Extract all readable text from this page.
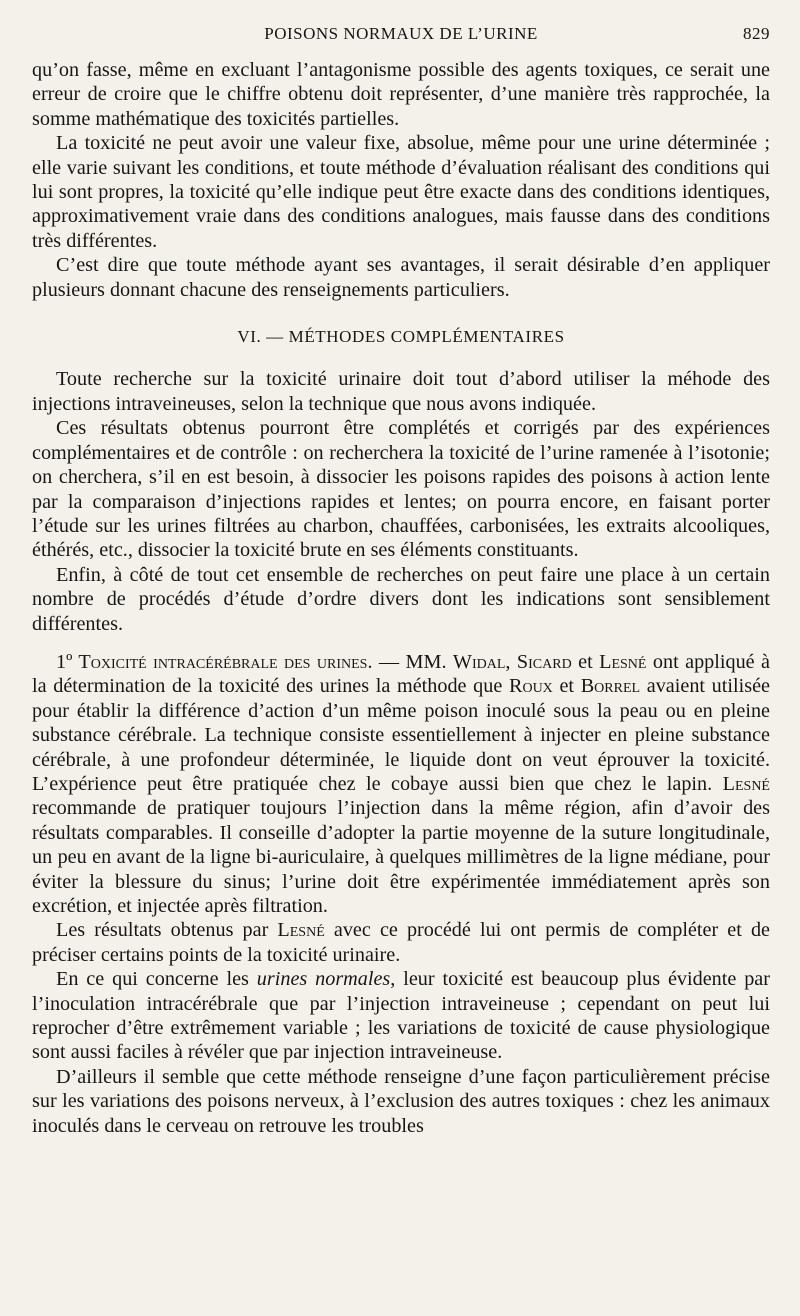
POISONS NORMAUX DE L’URINE	829

qu’on fasse, même en excluant l’antagonisme possible des agents toxiques, ce serait une erreur de croire que le chiffre obtenu doit représenter, d’une manière très rapprochée, la somme mathématique des toxicités partielles.

La toxicité ne peut avoir une valeur fixe, absolue, même pour une urine déterminée ; elle varie suivant les conditions, et toute méthode d’évaluation réalisant des conditions qui lui sont propres, la toxicité qu’elle indique peut être exacte dans des conditions identiques, approximativement vraie dans des conditions analogues, mais fausse dans des conditions très différentes.

C’est dire que toute méthode ayant ses avantages, il serait désirable d’en appliquer plusieurs donnant chacune des renseignements particuliers.

VI. — MÉTHODES COMPLÉMENTAIRES

Toute recherche sur la toxicité urinaire doit tout d’abord utiliser la méhode des injections intraveineuses, selon la technique que nous avons indiquée.

Ces résultats obtenus pourront être complétés et corrigés par des expériences complémentaires et de contrôle : on recherchera la toxicité de l’urine ramenée à l’isotonie; on cherchera, s’il en est besoin, à dissocier les poisons rapides des poisons à action lente par la comparaison d’injections rapides et lentes; on pourra encore, en faisant porter l’étude sur les urines filtrées au charbon, chauffées, carbonisées, les extraits alcooliques, éthérés, etc., dissocier la toxicité brute en ses éléments constituants.

Enfin, à côté de tout cet ensemble de recherches on peut faire une place à un certain nombre de procédés d’étude d’ordre divers dont les indications sont sensiblement différentes.

1º Toxicité intracérébrale des urines. — MM. Widal, Sicard et Lesné ont appliqué à la détermination de la toxicité des urines la méthode que Roux et Borrel avaient utilisée pour établir la différence d’action d’un même poison inoculé sous la peau ou en pleine substance cérébrale. La technique consiste essentiellement à injecter en pleine substance cérébrale, à une profondeur déterminée, le liquide dont on veut éprouver la toxicité. L’expérience peut être pratiquée chez le cobaye aussi bien que chez le lapin. Lesné recommande de pratiquer toujours l’injection dans la même région, afin d’avoir des résultats comparables. Il conseille d’adopter la partie moyenne de la suture longitudinale, un peu en avant de la ligne bi-auriculaire, à quelques millimètres de la ligne médiane, pour éviter la blessure du sinus; l’urine doit être expérimentée immédiatement après son excrétion, et injectée après filtration.

Les résultats obtenus par Lesné avec ce procédé lui ont permis de compléter et de préciser certains points de la toxicité urinaire.

En ce qui concerne les urines normales, leur toxicité est beaucoup plus évidente par l’inoculation intracérébrale que par l’injection intraveineuse ; cependant on peut lui reprocher d’être extrêmement variable ; les variations de toxicité de cause physiologique sont aussi faciles à révéler que par injection intraveineuse.

D’ailleurs il semble que cette méthode renseigne d’une façon particulièrement précise sur les variations des poisons nerveux, à l’exclusion des autres toxiques : chez les animaux inoculés dans le cerveau on retrouve les troubles
